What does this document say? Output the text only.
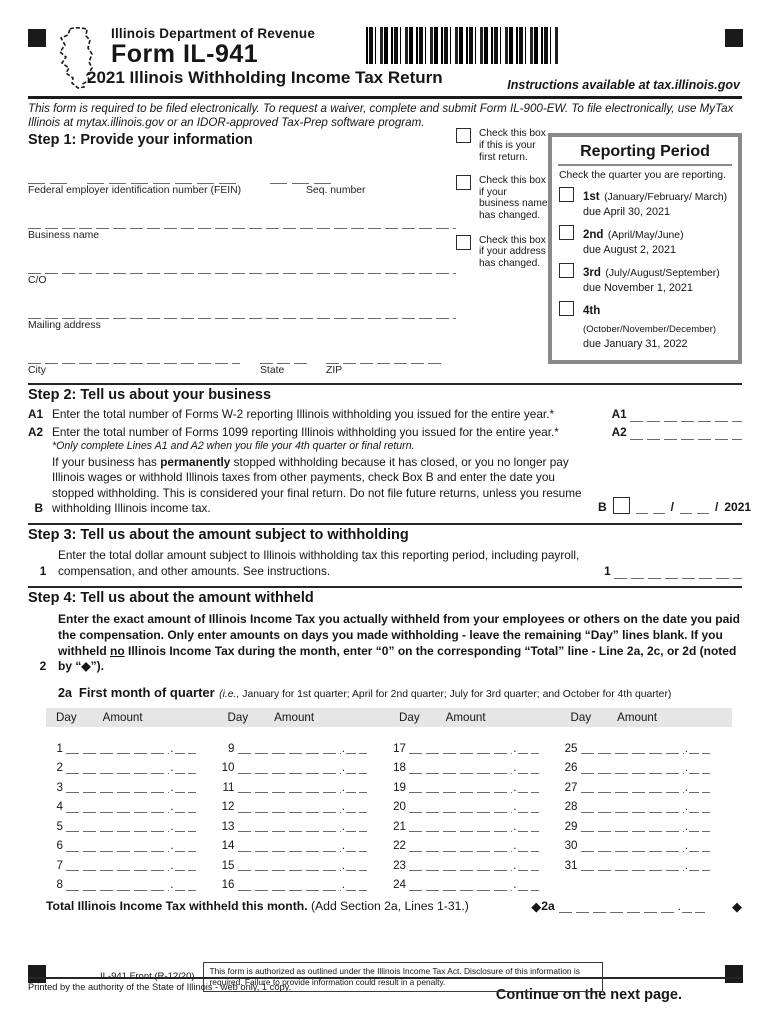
Illinois Department of Revenue
Form IL-941
2021 Illinois Withholding Income Tax Return	Instructions available at tax.illinois.gov

This form is required to be filed electronically. To request a waiver, complete and submit Form IL-900-EW. To file electronically, use MyTax Illinois at mytax.illinois.gov or an IDOR-approved Tax-Prep software program.

Step 1: Provide your information
Federal employer identification number (FEIN)	Seq. number
Business name
C/O
Mailing address
City	State	ZIP
Check this box if this is your first return.
Check this box if your business name has changed.
Check this box if your address has changed.
Reporting Period
Check the quarter you are reporting.
1st (January/February/ March)
due April 30, 2021
2nd (April/May/June)
due August 2, 2021
3rd (July/August/September)
due November 1, 2021
4th (October/November/December)
due January 31, 2022
Step 2: Tell us about your business
A1 Enter the total number of Forms W-2 reporting Illinois withholding you issued for the entire year.*	A1

A2 Enter the total number of Forms 1099 reporting Illinois withholding you issued for the entire year.*	A2

*Only complete Lines A1 and A2 when you file your 4th quarter or final return.
B
If your business has permanently stopped withholding because it has closed, or you no longer pay Illinois wages or withhold Illinois taxes from other payments, check Box B and enter the date you stopped withholding. This is considered your final return. Do not file future returns, unless you resume withholding Illinois income tax.	B	/	/ 2021
Step 3: Tell us about the amount subject to withholding
1
Enter the total dollar amount subject to Illinois withholding tax this reporting period, including payroll, compensation, and other amounts. See instructions.	1

Step 4: Tell us about the amount withheld
2
Enter the exact amount of Illinois Income Tax you actually withheld from your employees or others on the date you paid the compensation. Only enter amounts on days you made withholding - leave the remaining “Day” lines blank. If you withheld no Illinois Income Tax during the month, enter “0” on the corresponding “Total” line - Line 2a, 2c, or 2d (noted by “◆”).
2a First month of quarter (i.e., January for 1st quarter; April for 2nd quarter; July for 3rd quarter; and October for 4th quarter)
Day Amount	Day Amount	Day Amount	Day Amount
1	.
2	.
3	.
4	.
5	.
6	.
7	.
8	.
9	.
10	.
11	.
12	.
13	.
14	.
15	.
16	.
17	.
18	.
19	.
20	.
21	.
22	.
23	.
24	.
25	.
26	.
27	.
28	.
29	.
30	.
31	.
Total Illinois Income Tax withheld this month. (Add Section 2a, Lines 1-31.)	◆ 2a	.	◆
Printed by the authority of the State of Illinois - web only, 1 copy.	Continue on the next page.
IL-941 Front (R-12/20)
This form is authorized as outlined under the Illinois Income Tax Act. Disclosure of this information is required. Failure to provide information could result in a penalty.
